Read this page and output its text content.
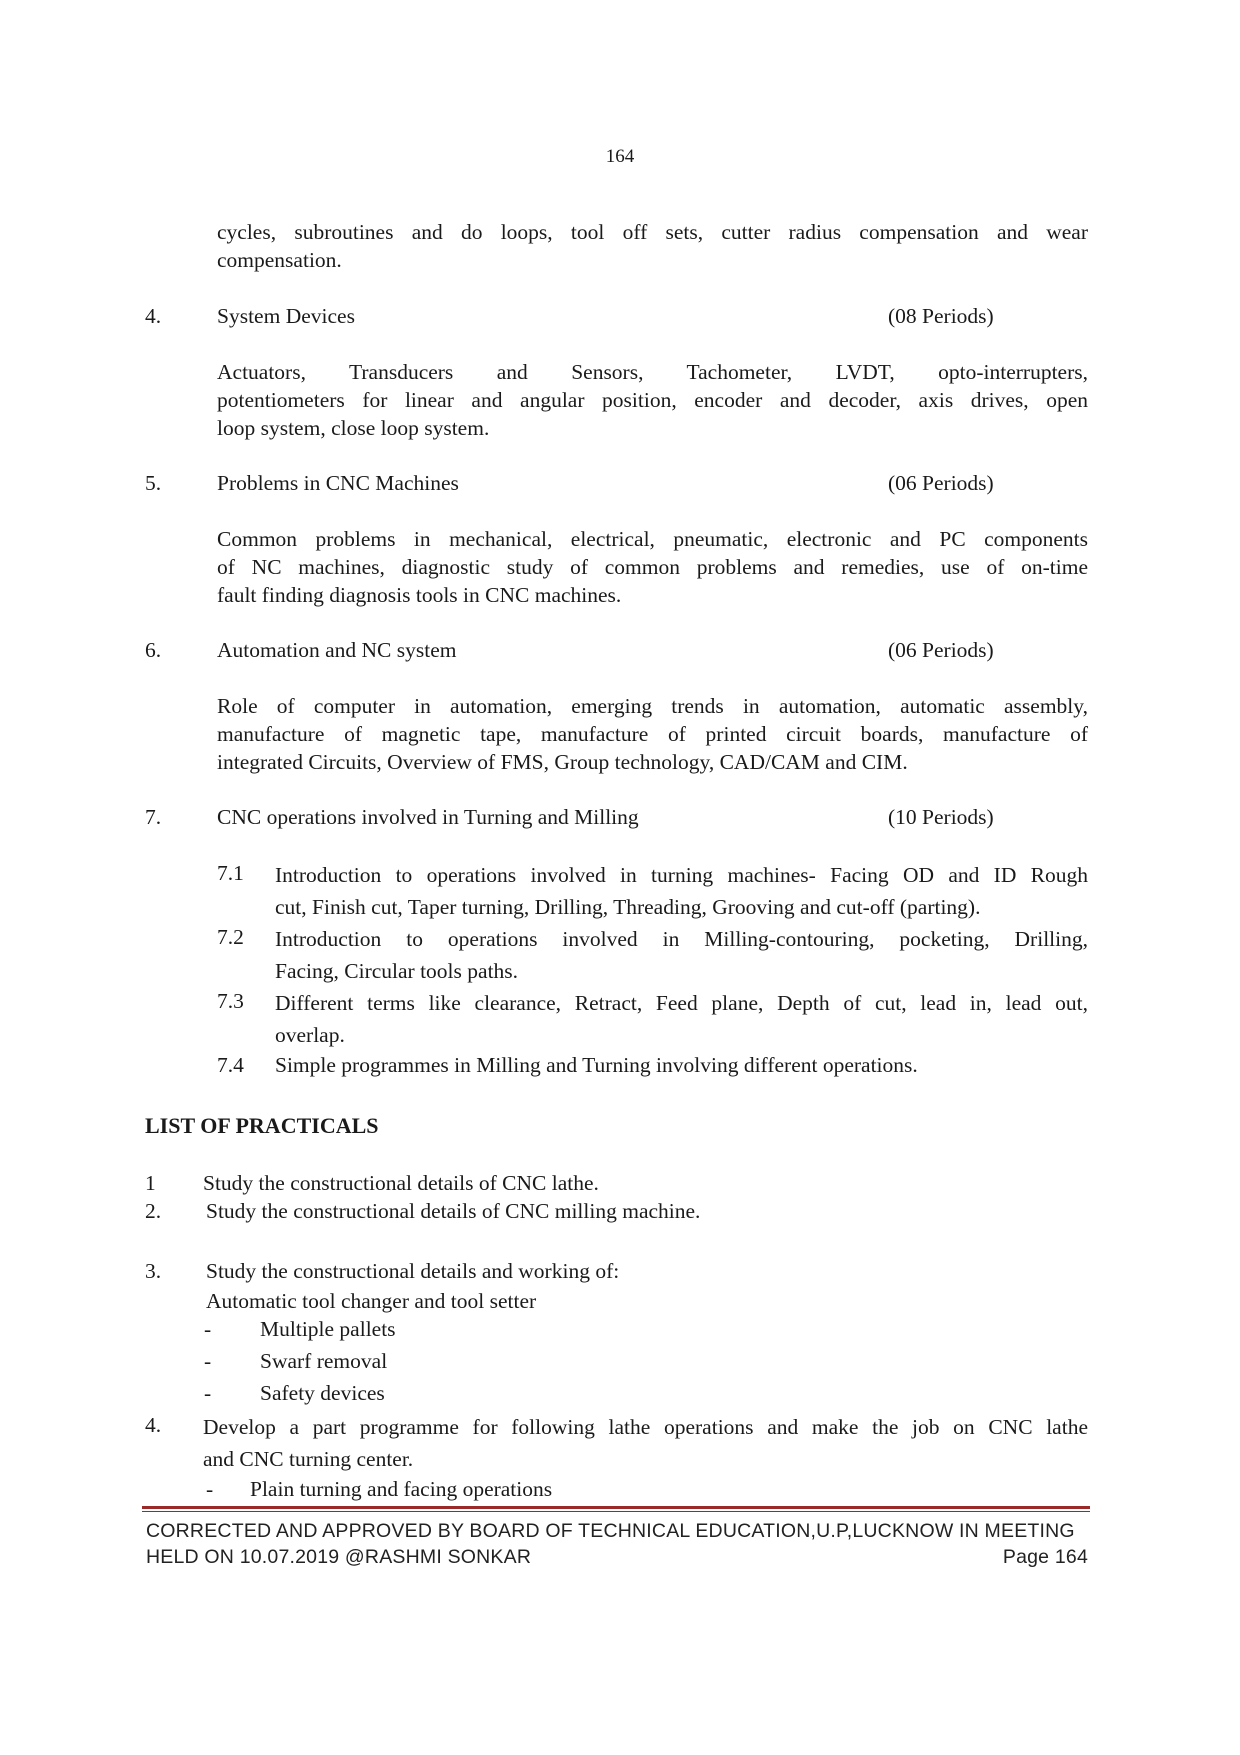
164
cycles, subroutines and do loops, tool off sets, cutter radius compensation and wear
compensation.
4.	System Devices	(08 Periods)
Actuators, Transducers and Sensors, Tachometer, LVDT, opto-interrupters,
potentiometers for linear and angular position, encoder and decoder, axis drives, open
loop system, close loop system.
5.	Problems in CNC Machines	(06 Periods)
Common problems in mechanical, electrical, pneumatic, electronic and PC components
of NC machines, diagnostic study of common problems and remedies, use of on-time
fault finding diagnosis tools in CNC machines.
6.	Automation and NC system	(06 Periods)
Role of computer in automation, emerging trends in automation, automatic assembly,
manufacture of magnetic tape, manufacture of printed circuit boards, manufacture of
integrated Circuits, Overview of FMS, Group technology, CAD/CAM and CIM.
7.	CNC operations involved in Turning and Milling	(10 Periods)
7.1 Introduction to operations involved in turning machines- Facing OD and ID Rough
cut, Finish cut, Taper turning, Drilling, Threading, Grooving and cut-off (parting).
7.2 Introduction to operations involved in Milling-contouring, pocketing, Drilling,
Facing, Circular tools paths.
7.3 Different terms like clearance, Retract, Feed plane, Depth of cut, lead in, lead out,
overlap.
7.4 Simple programmes in Milling and Turning involving different operations.
LIST OF PRACTICALS
1 Study the constructional details of CNC lathe.
2. Study the constructional details of CNC milling machine.
3. Study the constructional details and working of:
Automatic tool changer and tool setter
- Multiple pallets
- Swarf removal
- Safety devices
4. Develop a part programme for following lathe operations and make the job on CNC lathe
and CNC turning center.
- Plain turning and facing operations
CORRECTED AND APPROVED BY BOARD OF TECHNICAL EDUCATION,U.P,LUCKNOW IN MEETING
HELD ON 10.07.2019 @RASHMI SONKAR	Page 164
